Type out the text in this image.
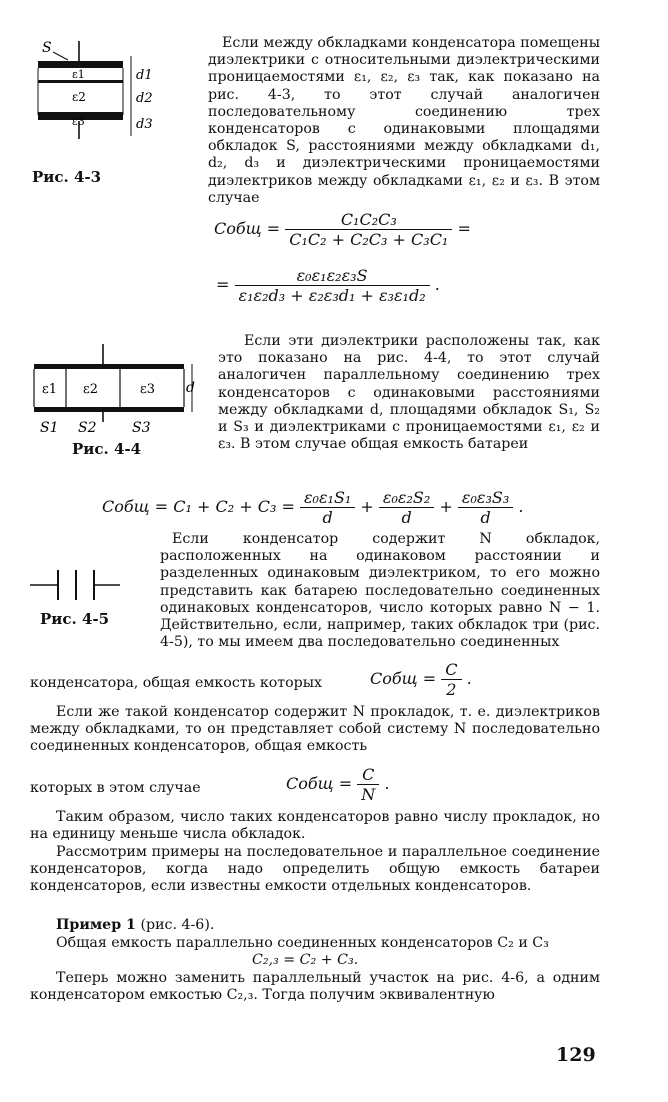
S
ε1
ε2
ε3
d1
d2
d3
Рис. 4-3
Если между обкладками конденсатора помещены диэлектрики с относительными диэлектрическими проницаемостями ε₁, ε₂, ε₃ так, как показано на рис. 4-3, то этот случай аналогичен последовательному соединению трех конденсаторов с одинаковыми площадями обкладок S, расстояниями между обкладками d₁, d₂, d₃ и диэлектрическими проницаемостями диэлектриков между обкладками ε₁, ε₂ и ε₃. В этом случае
Cобщ = $\frac{\text{C₁C₂C₃}}{\text{C₁C₂ + C₂C₃ + C₃C₁}}$ =
= $\frac{\text{ε₀ε₁ε₂ε₃S}}{\text{ε₁ε₂d₃ + ε₂ε₃d₁ + ε₃ε₁d₂}}$ .
ε1 ε2	ε3 d
S1 S2	S3
Рис. 4-4
Если эти диэлектрики расположены так, как это показано на рис. 4-4, то этот случай аналогичен параллельному соединению трех конденсаторов с одинаковыми расстояниями между обкладками d, площадями обкладок S₁, S₂ и S₃ и диэлектриками с проницаемостями ε₁, ε₂ и ε₃. В этом случае общая емкость батареи
Cобщ = $C_1 + C_2 + C_3 = \frac{\text{ε₀ε₁S₁}}{d} + \frac{\text{ε₀ε₂S₂}}{d} + \frac{\text{ε₀ε₃S₃}}{d}$ .
Рис. 4-5
Если конденсатор содержит N обкладок, расположенных на одинаковом расстоянии и разделенных одинаковым диэлектриком, то его можно представить как батарею последовательно соединенных одинаковых конденсаторов, число которых равно N − 1. Действительно, если, например, таких обкладок три (рис. 4-5), то мы имеем два последовательно соединенных
конденсатора, общая емкость которых	Cобщ = $\frac{C}{2}$ .
Если же такой конденсатор содержит N прокладок, т. е. диэлектриков между обкладками, то он представляет собой систему N последовательно соединенных конденсаторов, общая емкость
которых в этом случае	Cобщ = $\frac{C}{N}$ .
Таким образом, число таких конденсаторов равно числу прокладок, но на единицу меньше числа обкладок.
Рассмотрим примеры на последовательное и параллельное соединение конденсаторов, когда надо определить общую емкость батареи конденсаторов, если известны емкости отдельных конденсаторов.
Пример 1 (рис. 4-6).
Общая емкость параллельно соединенных конденсаторов C₂ и C₃
C₂,₃ = C₂ + C₃.
Теперь можно заменить параллельный участок на рис. 4-6, а одним конденсатором емкостью C₂,₃. Тогда получим эквивалентную
129
